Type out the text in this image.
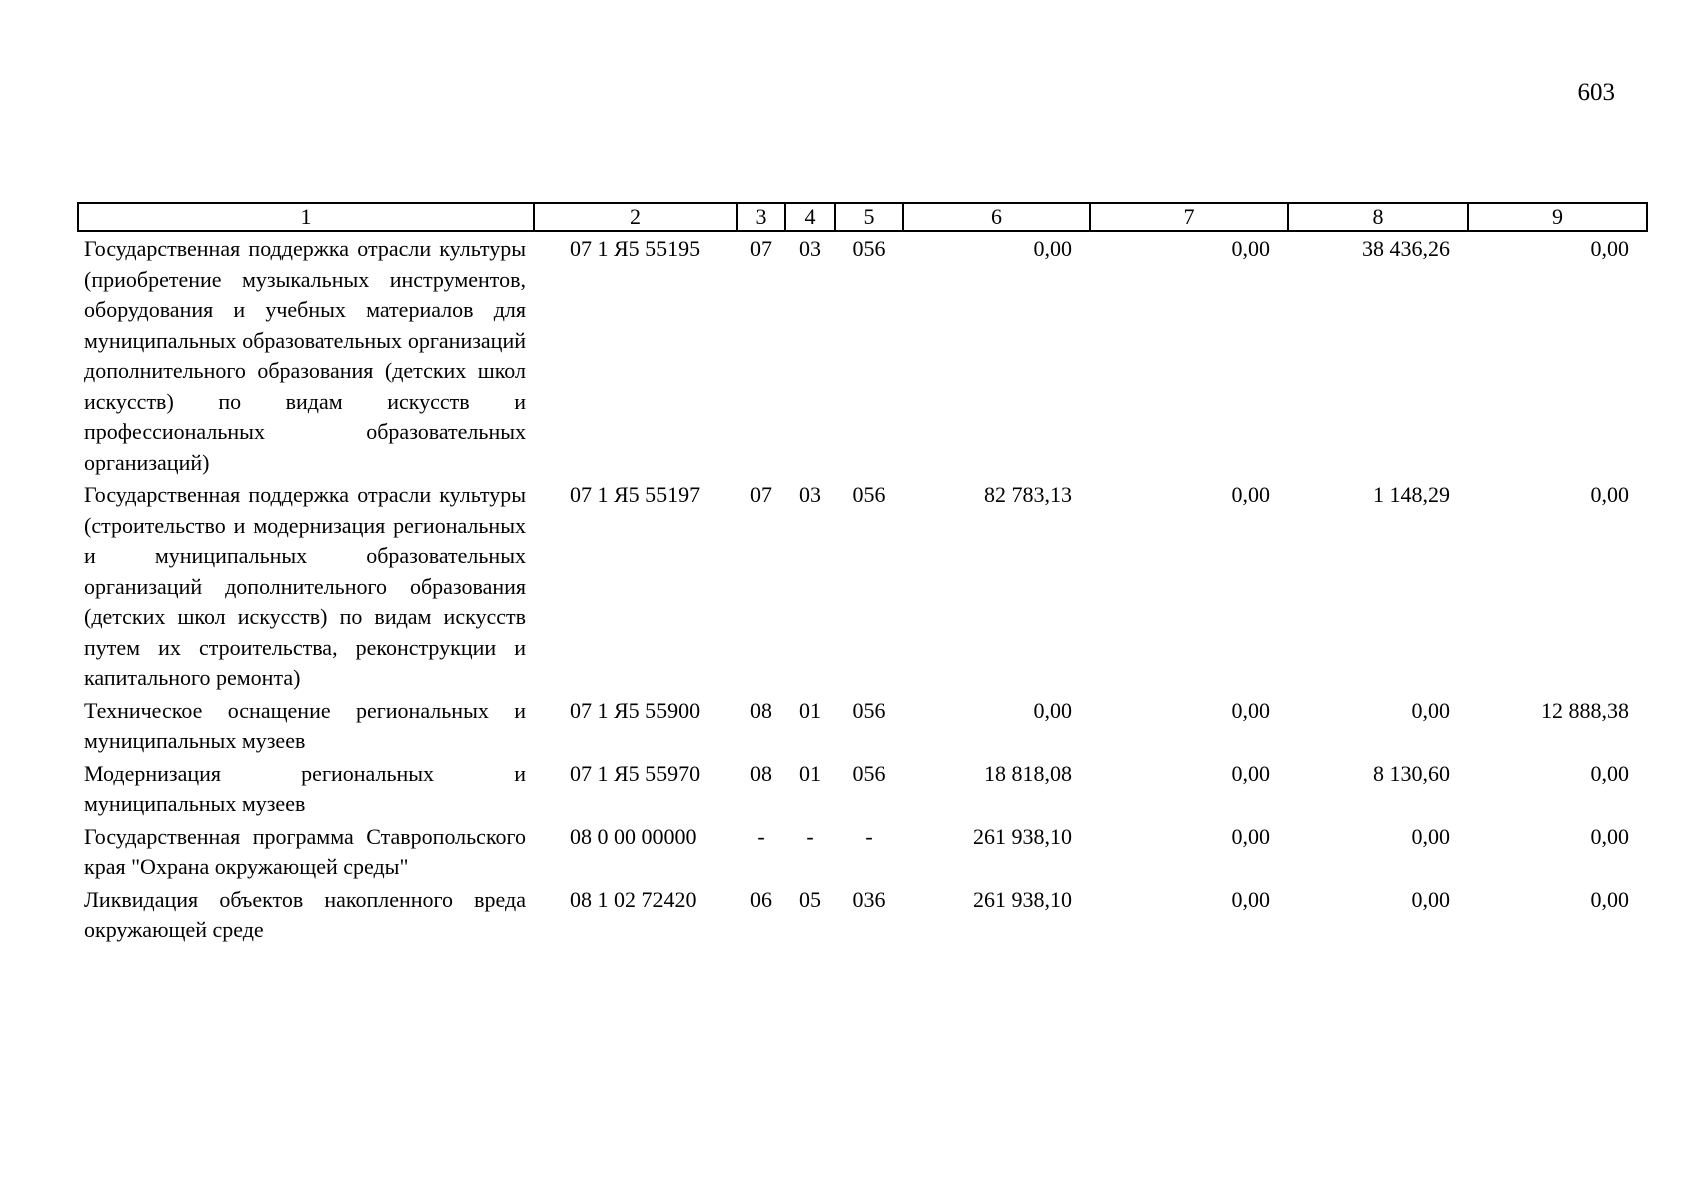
603
1	2	3	4	5	6	7	8	9
Государственная поддержка отрасли культуры (приобретение музыкальных инструментов, оборудования и учебных материалов для муниципальных образовательных организаций дополнительного образования (детских школ искусств) по видам искусств и профессиональных образовательных организаций)	07 1 Я5 55195	07	03	056	0,00	0,00	38 436,26	0,00
Государственная поддержка отрасли культуры (строительство и модернизация региональных и муниципальных образовательных организаций дополнительного образования (детских школ искусств) по видам искусств путем их строительства, реконструкции и капитального ремонта)	07 1 Я5 55197	07	03	056	82 783,13	0,00	1 148,29	0,00
Техническое оснащение региональных и муниципальных музеев	07 1 Я5 55900	08	01	056	0,00	0,00	0,00	12 888,38
Модернизация региональных и муниципальных музеев	07 1 Я5 55970	08	01	056	18 818,08	0,00	8 130,60	0,00
Государственная программа Ставропольского края "Охрана окружающей среды"	08 0 00 00000	-	-	-	261 938,10	0,00	0,00	0,00
Ликвидация объектов накопленного вреда окружающей среде	08 1 02 72420	06	05	036	261 938,10	0,00	0,00	0,00
